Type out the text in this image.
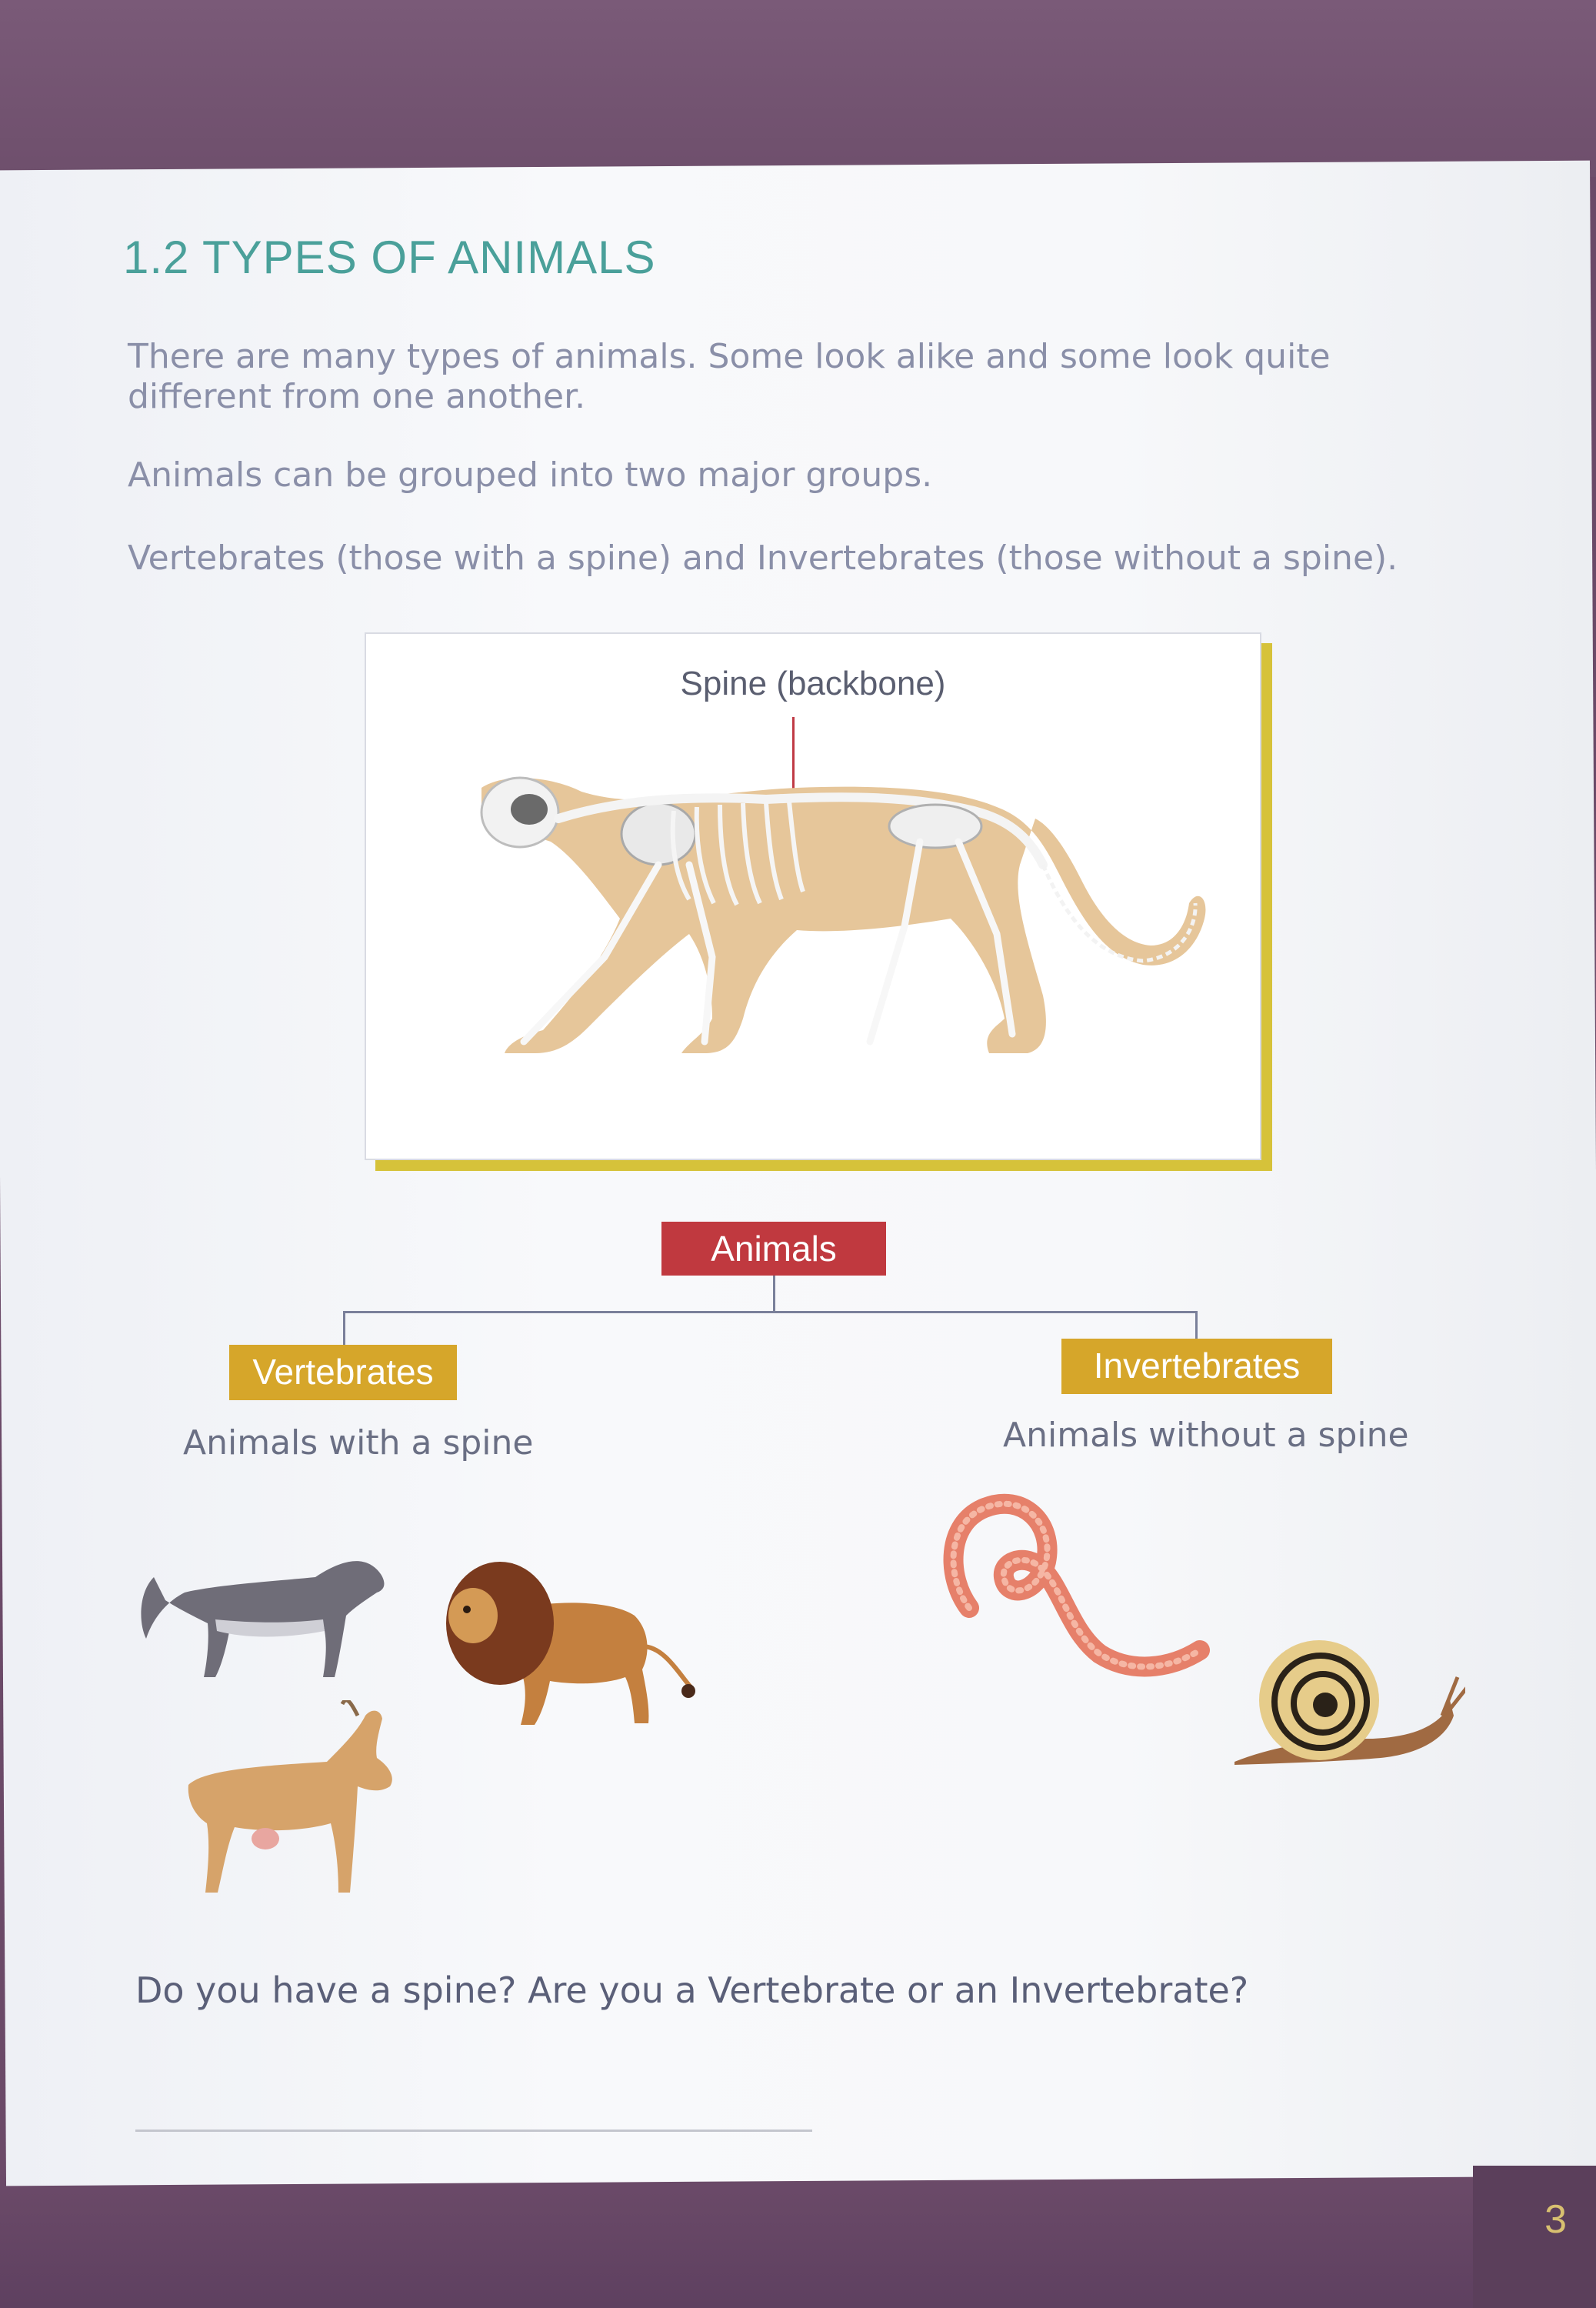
1.2 TYPES OF ANIMALS
There are many types of animals. Some look alike and some look quite different from one another.
Animals can be grouped into two major groups.
Vertebrates (those with a spine) and Invertebrates (those without a spine).
Spine (backbone)
Animals
Vertebrates	Invertebrates
Animals with a spine	Animals without a spine
Do you have a spine? Are you a Vertebrate or an Invertebrate?
3
